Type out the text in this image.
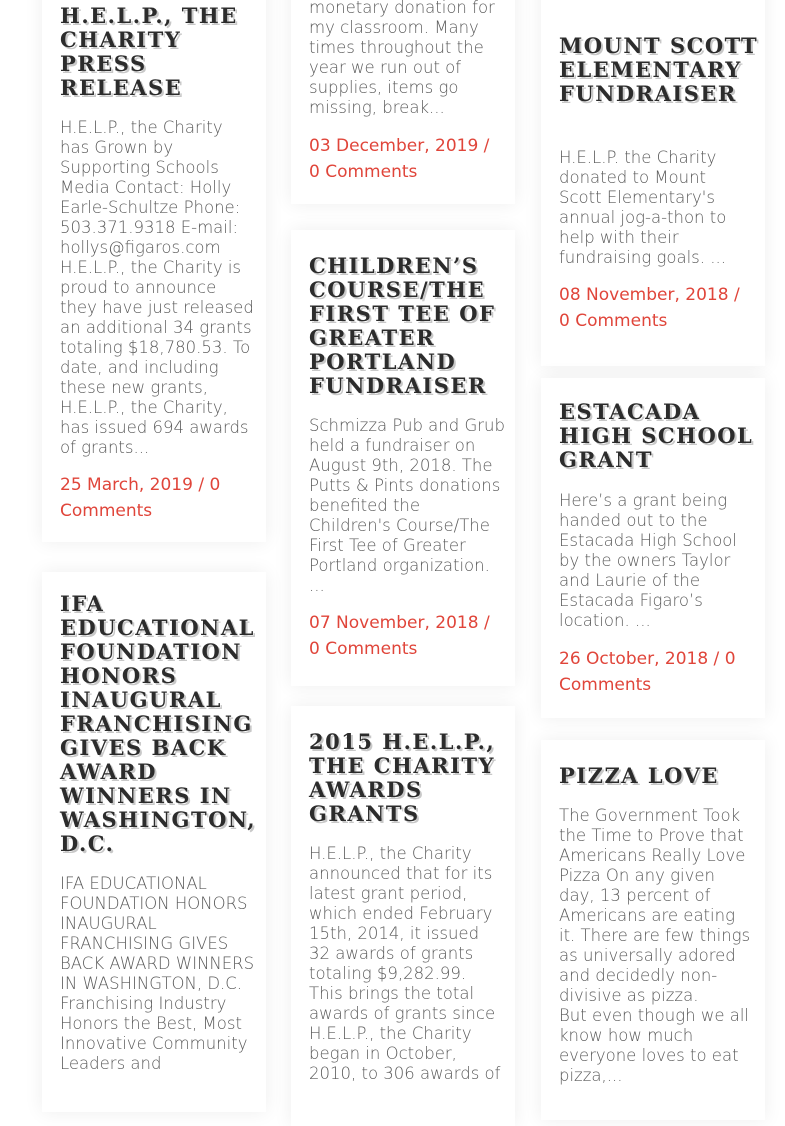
H.E.L.P., THE CHARITY PRESS RELEASE

H.E.L.P., the Charity has Grown by Supporting Schools Media Contact: Holly Earle-Schultze Phone: 503.371.9318 E-mail: hollys@figaros.com H.E.L.P., the Charity is proud to announce they have just released an additional 34 grants totaling $18,780.53. To date, and including these new grants, H.E.L.P., the Charity, has issued 694 awards of grants...

25 March, 2019 / 0 Comments
IFA EDUCATIONAL FOUNDATION HONORS INAUGURAL FRANCHISING GIVES BACK AWARD WINNERS IN WASHINGTON, D.C.

IFA EDUCATIONAL FOUNDATION HONORS INAUGURAL FRANCHISING GIVES BACK AWARD WINNERS IN WASHINGTON, D.C. Franchising Industry Honors the Best, Most Innovative Community Leaders and

monetary donation for my classroom. Many times throughout the year we run out of supplies, items go missing, break...

03 December, 2019 / 0 Comments
CHILDREN’S COURSE/THE FIRST TEE OF GREATER PORTLAND FUNDRAISER

Schmizza Pub and Grub held a fundraiser on August 9th, 2018. The Putts & Pints donations benefited the Children's Course/The First Tee of Greater Portland organization. ...

07 November, 2018 / 0 Comments
2015 H.E.L.P., THE CHARITY AWARDS GRANTS

H.E.L.P., the Charity announced that for its latest grant period, which ended February 15th, 2014, it issued 32 awards of grants totaling $9,282.99. This brings the total awards of grants since H.E.L.P., the Charity began in October, 2010, to 306 awards of

MOUNT SCOTT ELEMENTARY FUNDRAISER

H.E.L.P. the Charity donated to Mount Scott Elementary's annual jog-a-thon to help with their fundraising goals. ...

08 November, 2018 / 0 Comments
ESTACADA HIGH SCHOOL GRANT

Here’s a grant being handed out to the Estacada High School by the owners Taylor and Laurie of the Estacada Figaro’s location. ...

26 October, 2018 / 0 Comments
PIZZA LOVE

The Government Took the Time to Prove that Americans Really Love Pizza On any given day, 13 percent of Americans are eating it. There are few things as universally adored and decidedly non-divisive as pizza.
But even though we all know how much everyone loves to eat pizza,...
